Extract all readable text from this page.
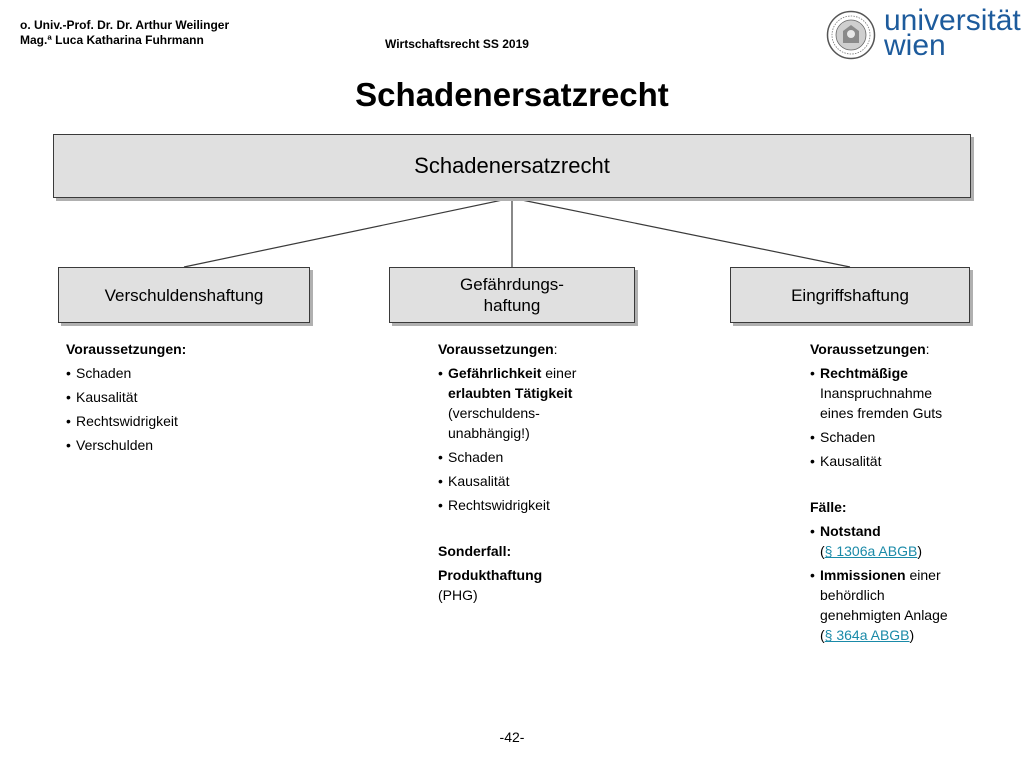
o. Univ.-Prof. Dr. Dr. Arthur Weilinger
Mag.ª Luca Katharina Fuhrmann	Wirtschaftsrecht SS 2019
universität
wien
Schadenersatzrecht
Schadenersatzrecht
Verschuldenshaftung
Gefährdungs-
haftung
Eingriffshaftung
Voraussetzungen:
• Schaden
• Kausalität
• Rechtswidrigkeit
• Verschulden
Voraussetzungen:
• Gefährlichkeit einer erlaubten Tätigkeit (verschuldens-unabhängig!)
• Schaden
• Kausalität
• Rechtswidrigkeit
Sonderfall:
Produkthaftung
(PHG)
Voraussetzungen:
• Rechtmäßige Inanspruchnahme eines fremden Guts
• Schaden
• Kausalität
Fälle:
• Notstand
(§ 1306a ABGB)
• Immissionen einer behördlich genehmigten Anlage
(§ 364a ABGB)
-42-
